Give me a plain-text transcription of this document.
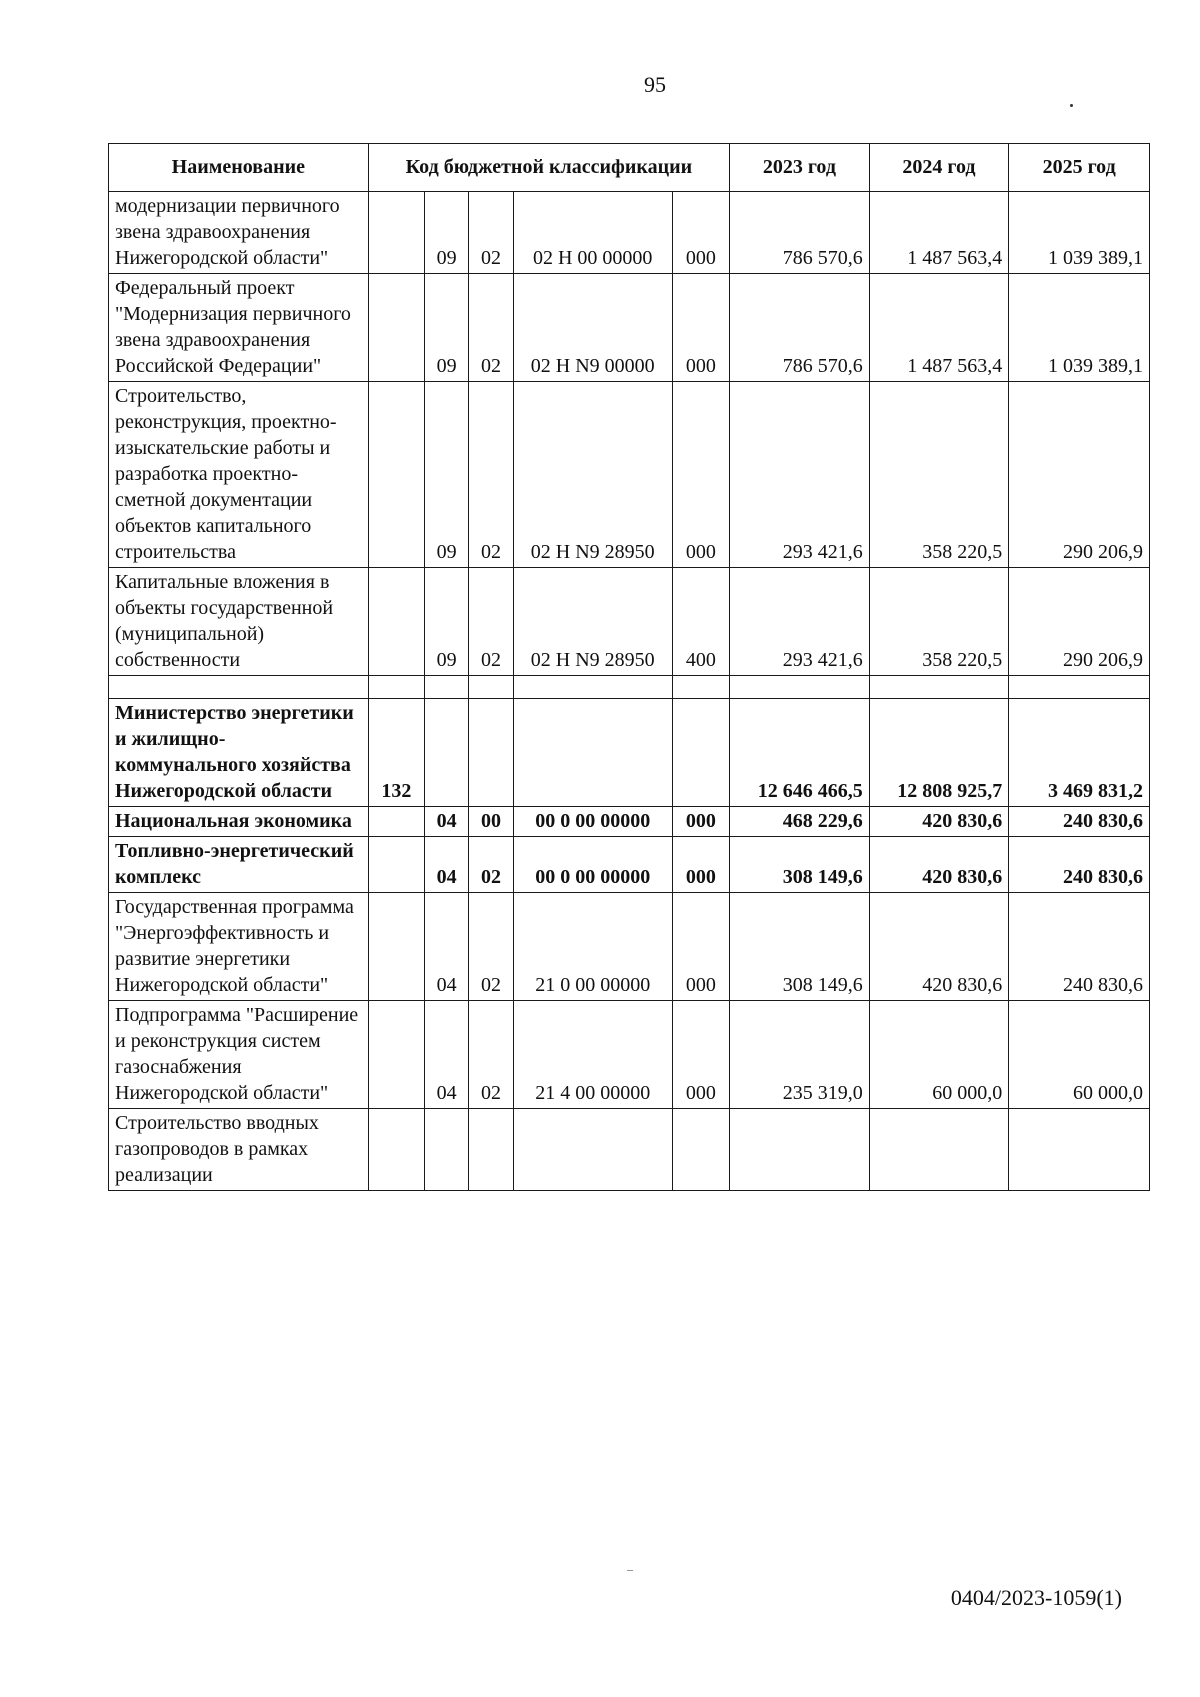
95
Наименование	Код бюджетной классификации					2023 год	2024 год	2025 год
модернизации первичного звена здравоохранения Нижегородской области"		09	02	02 Н 00 00000	000	786 570,6	1 487 563,4	1 039 389,1
Федеральный проект "Модернизация первичного звена здравоохранения Российской Федерации"		09	02	02 Н N9 00000	000	786 570,6	1 487 563,4	1 039 389,1
Строительство, реконструкция, проектно-изыскательские работы и разработка проектно-сметной документации объектов капитального строительства		09	02	02 Н N9 28950	000	293 421,6	358 220,5	290 206,9
Капитальные вложения в объекты государственной (муниципальной) собственности		09	02	02 Н N9 28950	400	293 421,6	358 220,5	290 206,9

Министерство энергетики и жилищно-коммунального хозяйства Нижегородской области	132					12 646 466,5	12 808 925,7	3 469 831,2
Национальная экономика		04	00	00 0 00 00000	000	468 229,6	420 830,6	240 830,6
Топливно-энергетический комплекс		04	02	00 0 00 00000	000	308 149,6	420 830,6	240 830,6
Государственная программа "Энергоэффективность и развитие энергетики Нижегородской области"		04	02	21 0 00 00000	000	308 149,6	420 830,6	240 830,6
Подпрограмма "Расширение и реконструкция систем газоснабжения Нижегородской области"		04	02	21 4 00 00000	000	235 319,0	60 000,0	60 000,0
Строительство вводных газопроводов в рамках реализации								
0404/2023-1059(1)
